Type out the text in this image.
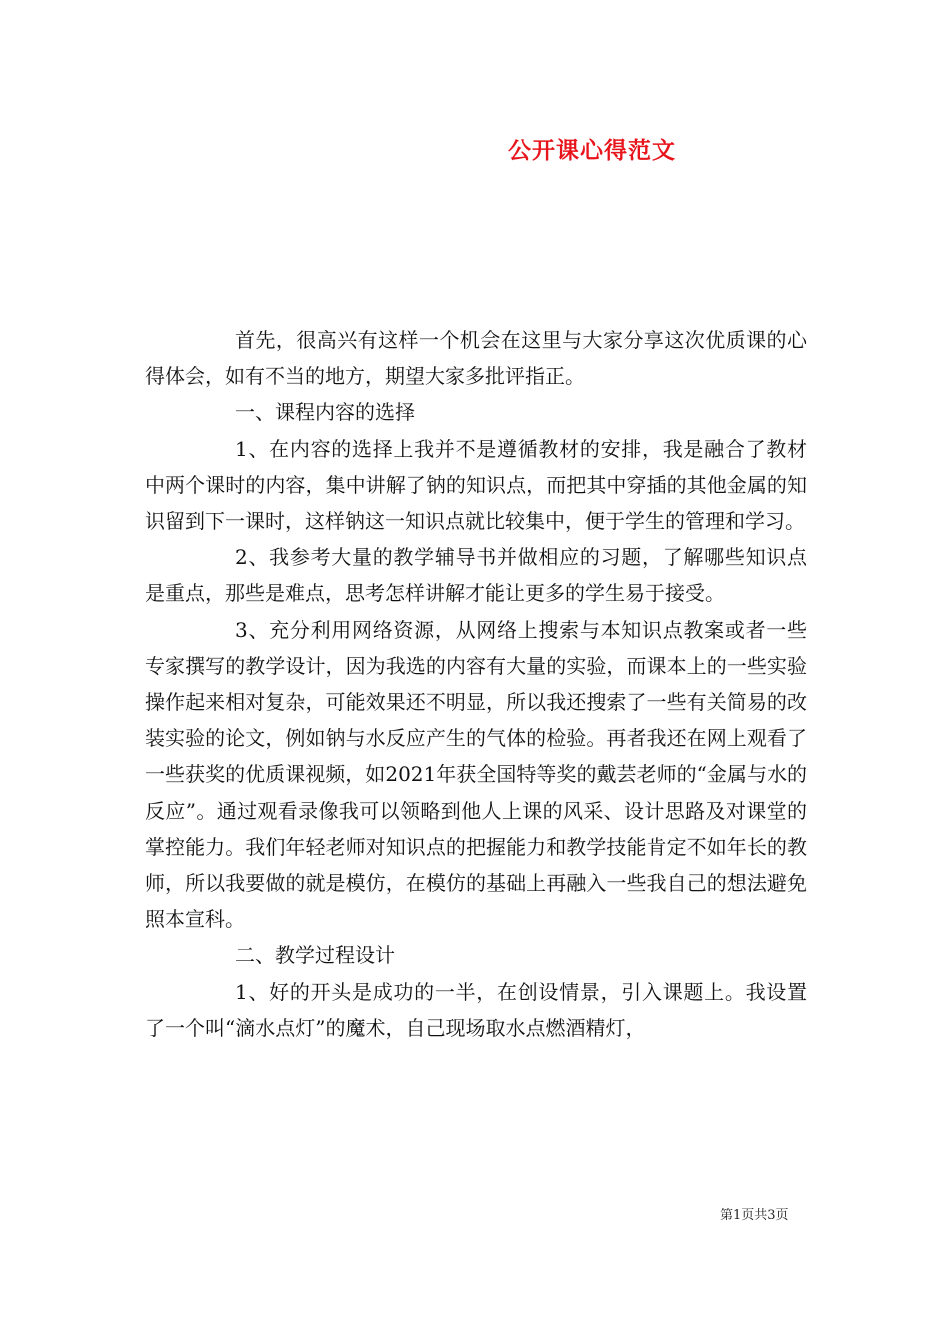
公开课心得范文

首先，很高兴有这样一个机会在这里与大家分享这次优质课的心得体会，如有不当的地方，期望大家多批评指正。

一、课程内容的选择

1、在内容的选择上我并不是遵循教材的安排，我是融合了教材中两个课时的内容，集中讲解了钠的知识点，而把其中穿插的其他金属的知识留到下一课时，这样钠这一知识点就比较集中，便于学生的管理和学习。

2、我参考大量的教学辅导书并做相应的习题，了解哪些知识点是重点，那些是难点，思考怎样讲解才能让更多的学生易于接受。

3、充分利用网络资源，从网络上搜索与本知识点教案或者一些专家撰写的教学设计，因为我选的内容有大量的实验，而课本上的一些实验操作起来相对复杂，可能效果还不明显，所以我还搜索了一些有关简易的改装实验的论文，例如钠与水反应产生的气体的检验。再者我还在网上观看了一些获奖的优质课视频，如2021年获全国特等奖的戴芸老师的“金属与水的反应”。通过观看录像我可以领略到他人上课的风采、设计思路及对课堂的掌控能力。我们年轻老师对知识点的把握能力和教学技能肯定不如年长的教师，所以我要做的就是模仿，在模仿的基础上再融入一些我自己的想法避免照本宣科。

二、教学过程设计

1、好的开头是成功的一半，在创设情景，引入课题上。我设置了一个叫“滴水点灯”的魔术，自己现场取水点燃酒精灯，

第1页共3页
